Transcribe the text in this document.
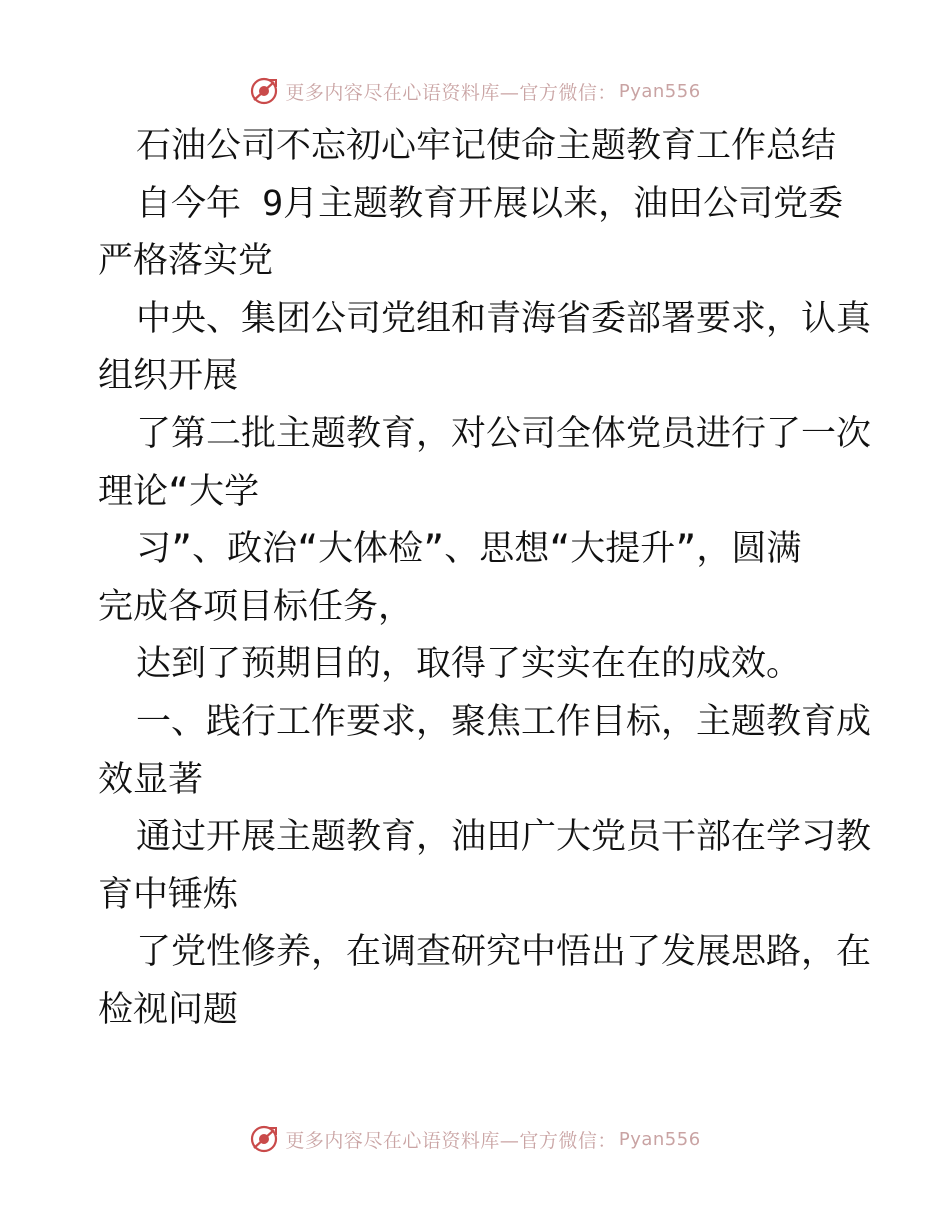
更多内容尽在心语资料库—官方微信： Pyan556
石油公司不忘初心牢记使命主题教育工作总结
自今年 9月主题教育开展以来，油田公司党委
严格落实党
中央、集团公司党组和青海省委部署要求，认真
组织开展
了第二批主题教育，对公司全体党员进行了一次
理论“大学
习”、政治“大体检”、思想“大提升”，圆满
完成各项目标任务，
达到了预期目的，取得了实实在在的成效。
一、践行工作要求，聚焦工作目标，主题教育成
效显著
通过开展主题教育，油田广大党员干部在学习教
育中锤炼
了党性修养，在调查研究中悟出了发展思路，在
检视问题
更多内容尽在心语资料库—官方微信： Pyan556
